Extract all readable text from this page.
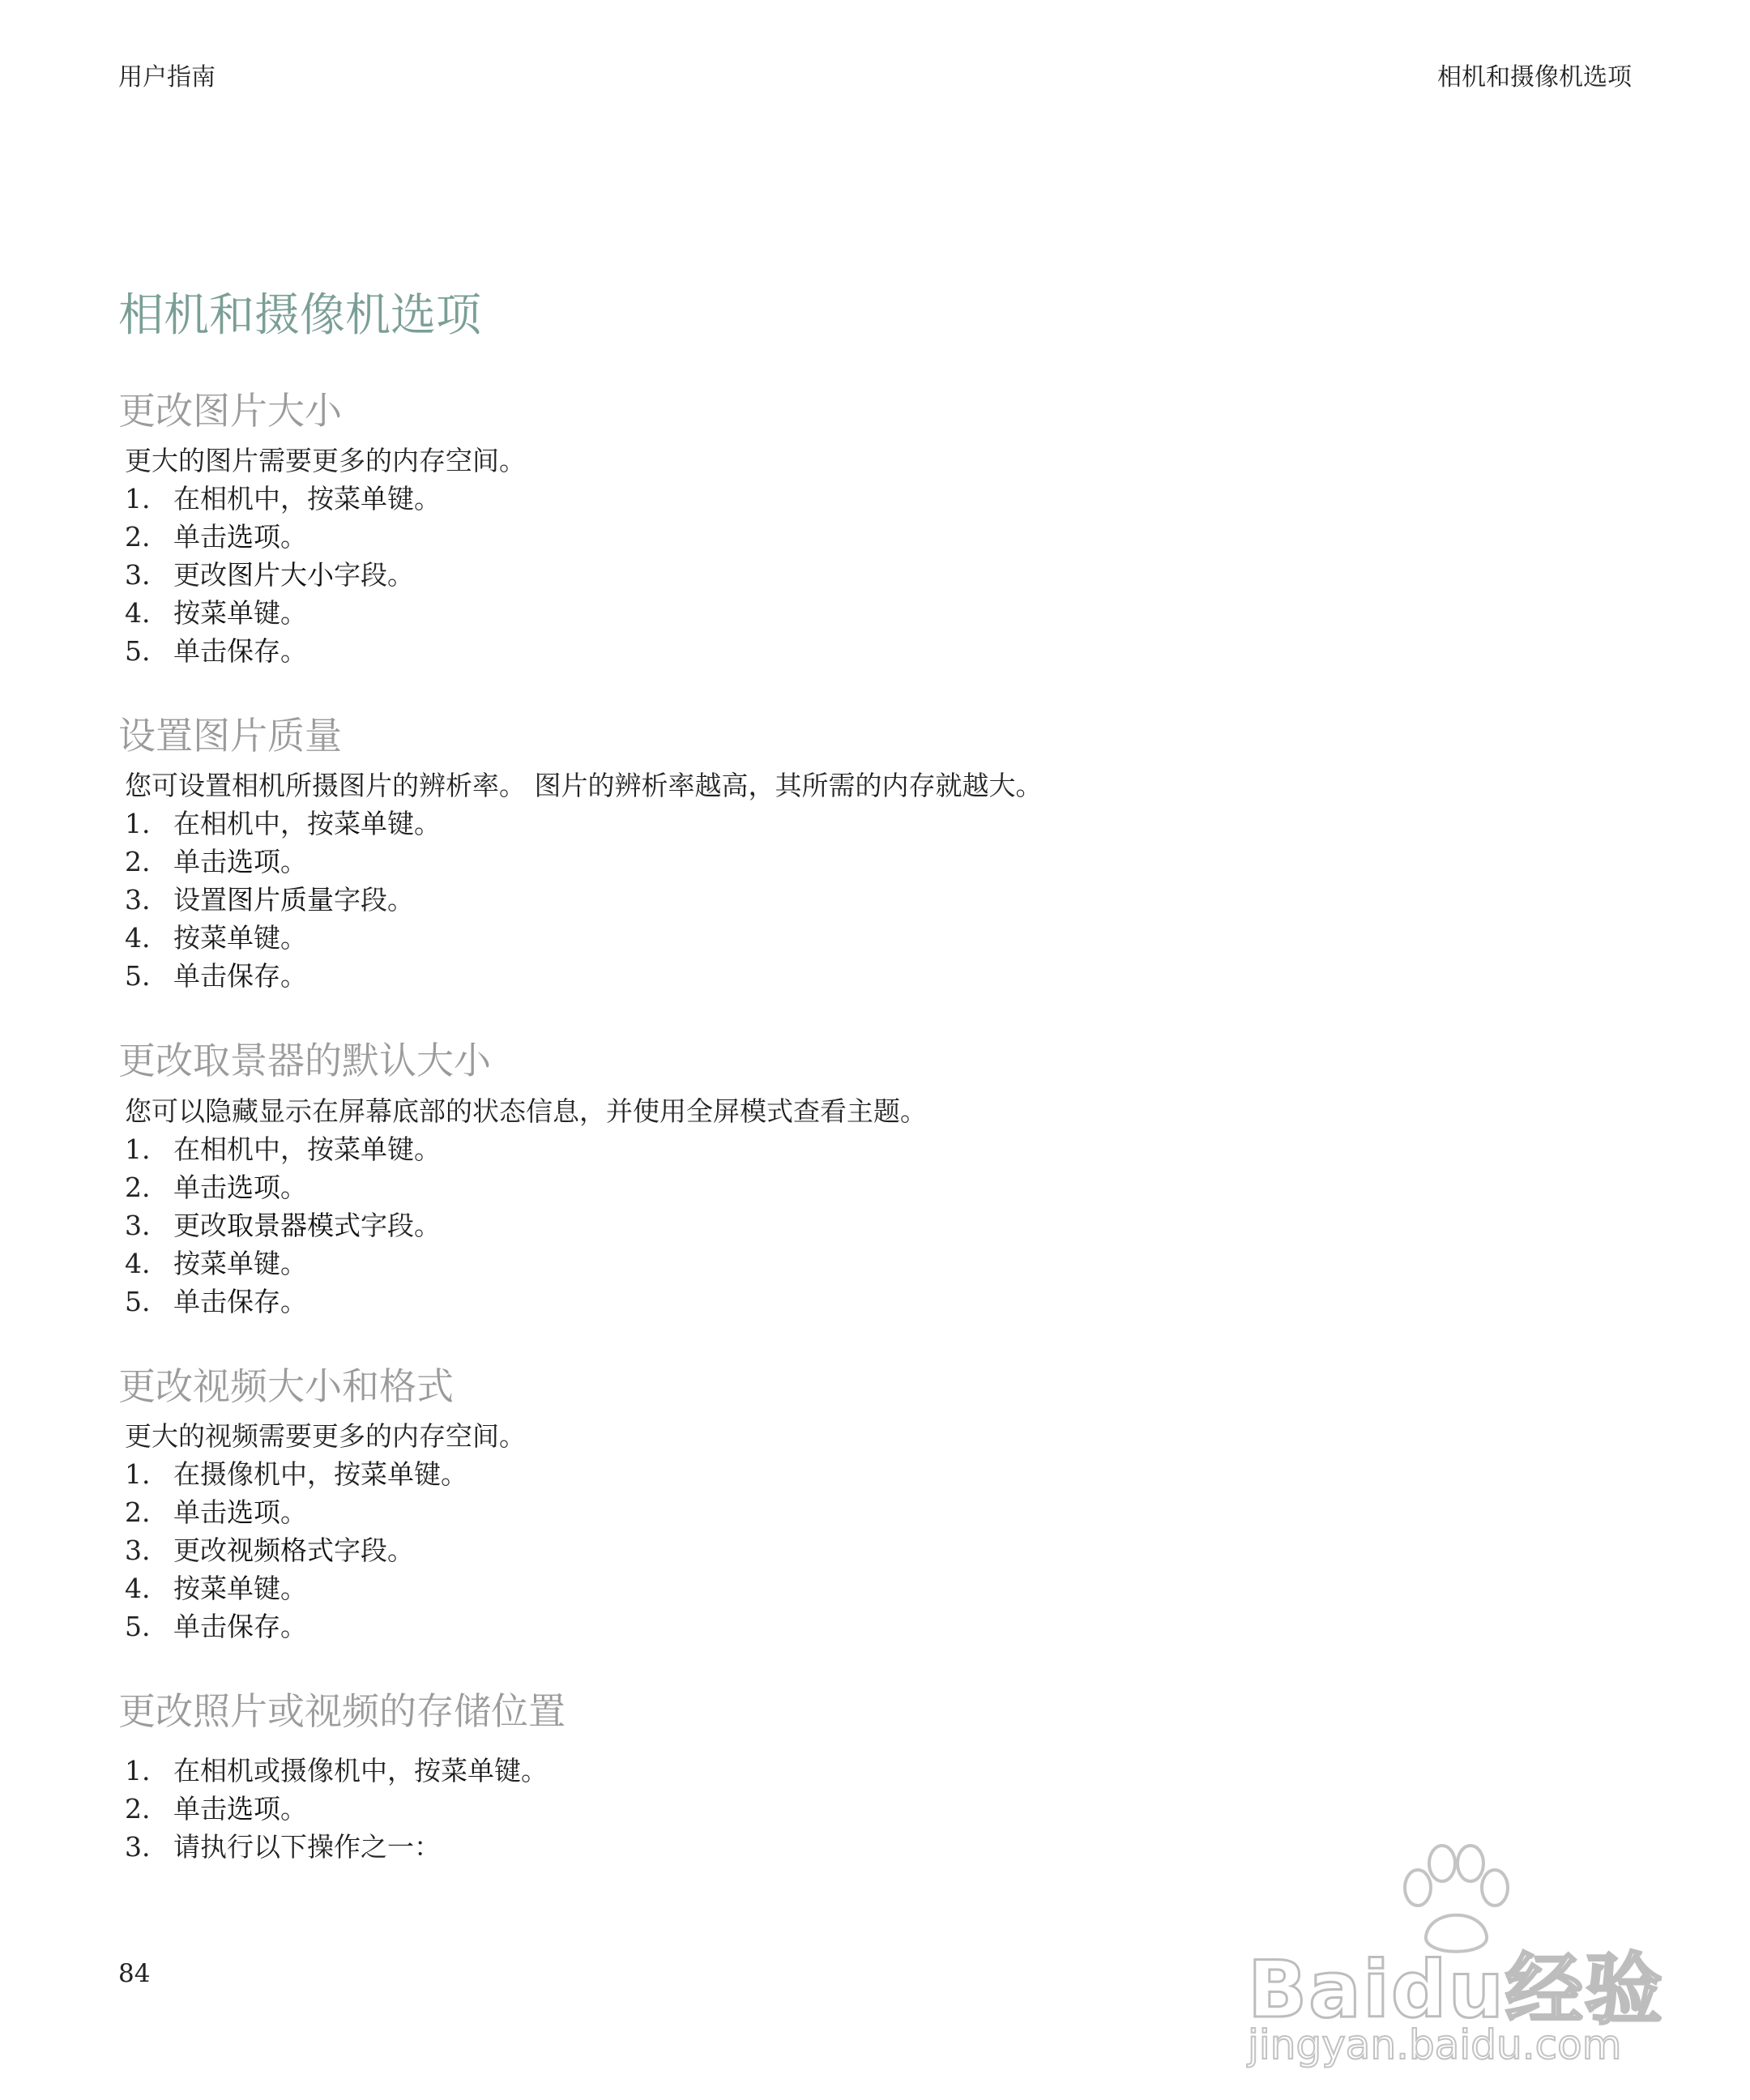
用户指南	相机和摄像机选项
相机和摄像机选项
更改图片大小

更大的图片需要更多的内存空间。

1. 在相机中，按菜单键。
2. 单击选项。
3. 更改图片大小字段。
4. 按菜单键。
5. 单击保存。
设置图片质量

您可设置相机所摄图片的辨析率。 图片的辨析率越高，其所需的内存就越大。

1. 在相机中，按菜单键。
2. 单击选项。
3. 设置图片质量字段。
4. 按菜单键。
5. 单击保存。
更改取景器的默认大小

您可以隐藏显示在屏幕底部的状态信息，并使用全屏模式查看主题。

1. 在相机中，按菜单键。
2. 单击选项。
3. 更改取景器模式字段。
4. 按菜单键。
5. 单击保存。
更改视频大小和格式

更大的视频需要更多的内存空间。

1. 在摄像机中，按菜单键。
2. 单击选项。
3. 更改视频格式字段。
4. 按菜单键。
5. 单击保存。
更改照片或视频的存储位置
1. 在相机或摄像机中，按菜单键。
2. 单击选项。
3. 请执行以下操作之一：
84	Baidu经验
jingyan.baidu.com
